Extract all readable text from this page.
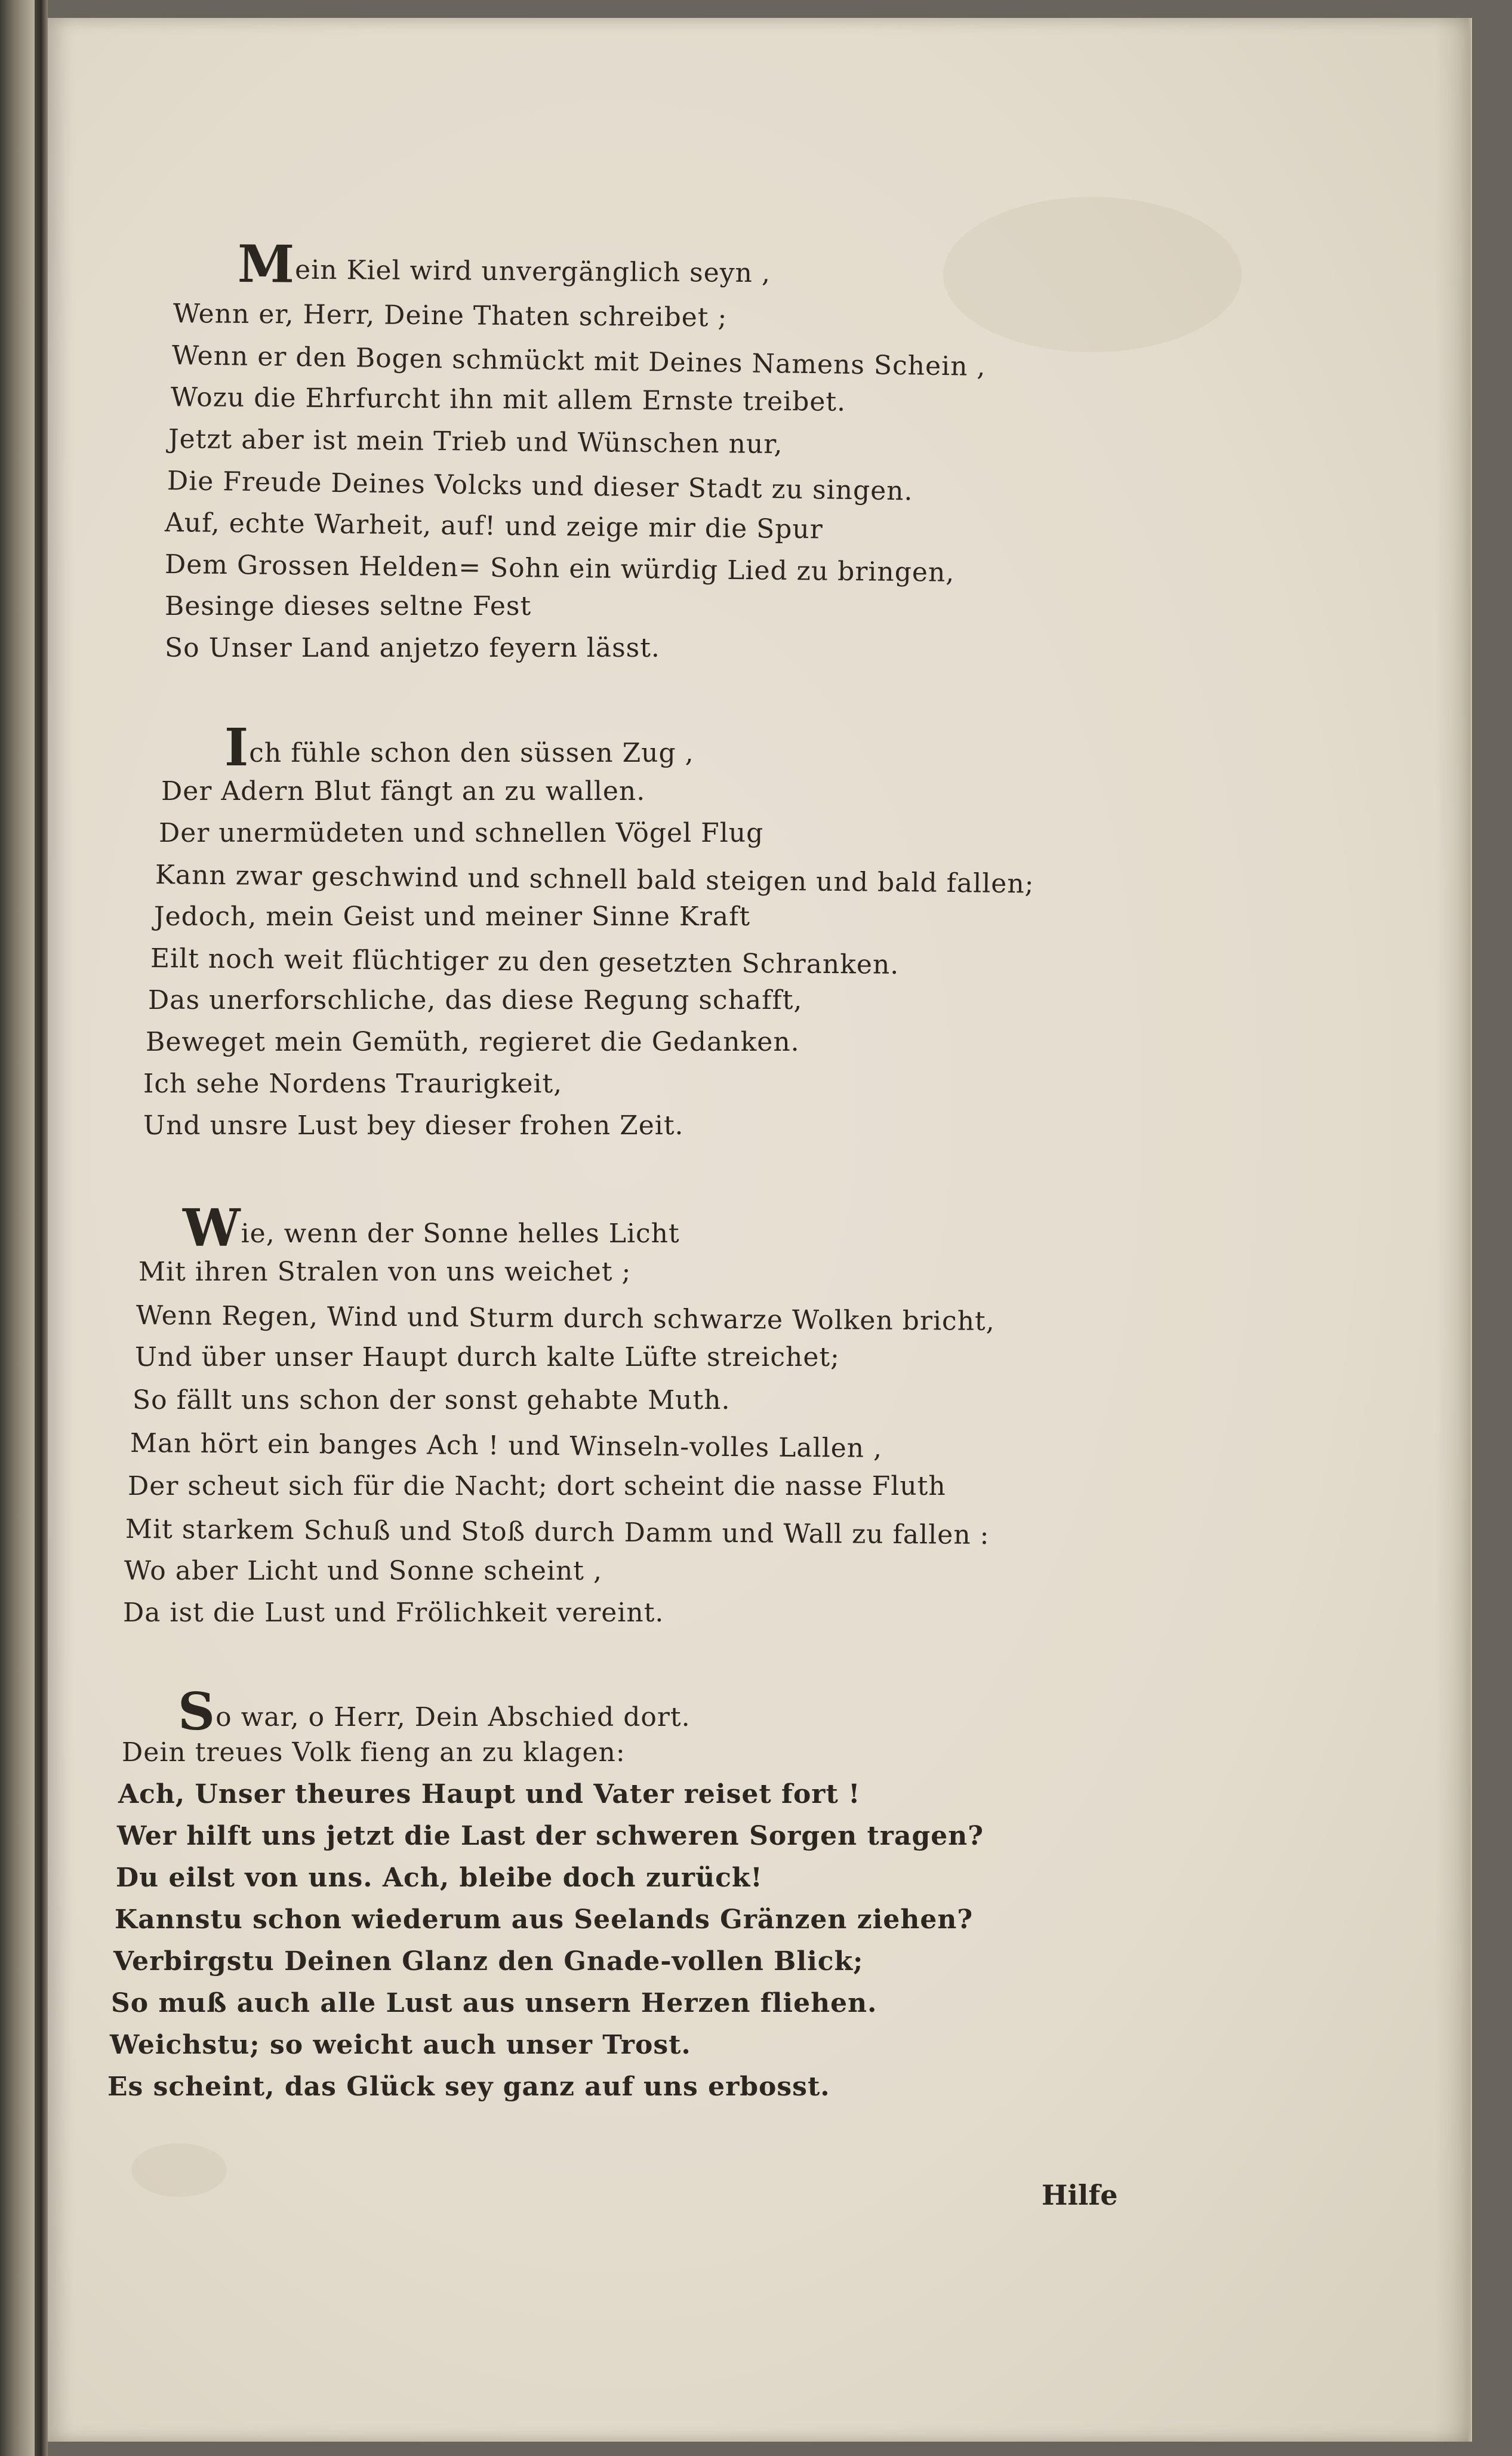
Mein Kiel wird unvergänglich seyn ,
Wenn er, Herr, Deine Thaten schreibet ;
Wenn er den Bogen schmückt mit Deines Namens Schein ,
Wozu die Ehrfurcht ihn mit allem Ernste treibet.
Jetzt aber ist mein Trieb und Wünschen nur,
Die Freude Deines Volcks und dieser Stadt zu singen.
Auf, echte Warheit, auf! und zeige mir die Spur
Dem Grossen Helden= Sohn ein würdig Lied zu bringen,
Besinge dieses seltne Fest
So Unser Land anjetzo feyern lässt.
Ich fühle schon den süssen Zug ,
Der Adern Blut fängt an zu wallen.
Der unermüdeten und schnellen Vögel Flug
Kann zwar geschwind und schnell bald steigen und bald fallen;
Jedoch, mein Geist und meiner Sinne Kraft
Eilt noch weit flüchtiger zu den gesetzten Schranken.
Das unerforschliche, das diese Regung schafft,
Beweget mein Gemüth, regieret die Gedanken.
Ich sehe Nordens Traurigkeit,
Und unsre Lust bey dieser frohen Zeit.
Wie, wenn der Sonne helles Licht
Mit ihren Stralen von uns weichet ;
Wenn Regen, Wind und Sturm durch schwarze Wolken bricht,
Und über unser Haupt durch kalte Lüfte streichet;
So fällt uns schon der sonst gehabte Muth.
Man hört ein banges Ach ! und Winseln-volles Lallen ,
Der scheut sich für die Nacht; dort scheint die nasse Fluth
Mit starkem Schuß und Stoß durch Damm und Wall zu fallen :
Wo aber Licht und Sonne scheint ,
Da ist die Lust und Frölichkeit vereint.
So war, o Herr, Dein Abschied dort.
Dein treues Volk fieng an zu klagen:
Ach, Unser theures Haupt und Vater reiset fort !
Wer hilft uns jetzt die Last der schweren Sorgen tragen?
Du eilst von uns. Ach, bleibe doch zurück!
Kannstu schon wiederum aus Seelands Gränzen ziehen?
Verbirgstu Deinen Glanz den Gnade-vollen Blick;
So muß auch alle Lust aus unsern Herzen fliehen.
Weichstu; so weicht auch unser Trost.
Es scheint, das Glück sey ganz auf uns erbosst.
Hilfe
